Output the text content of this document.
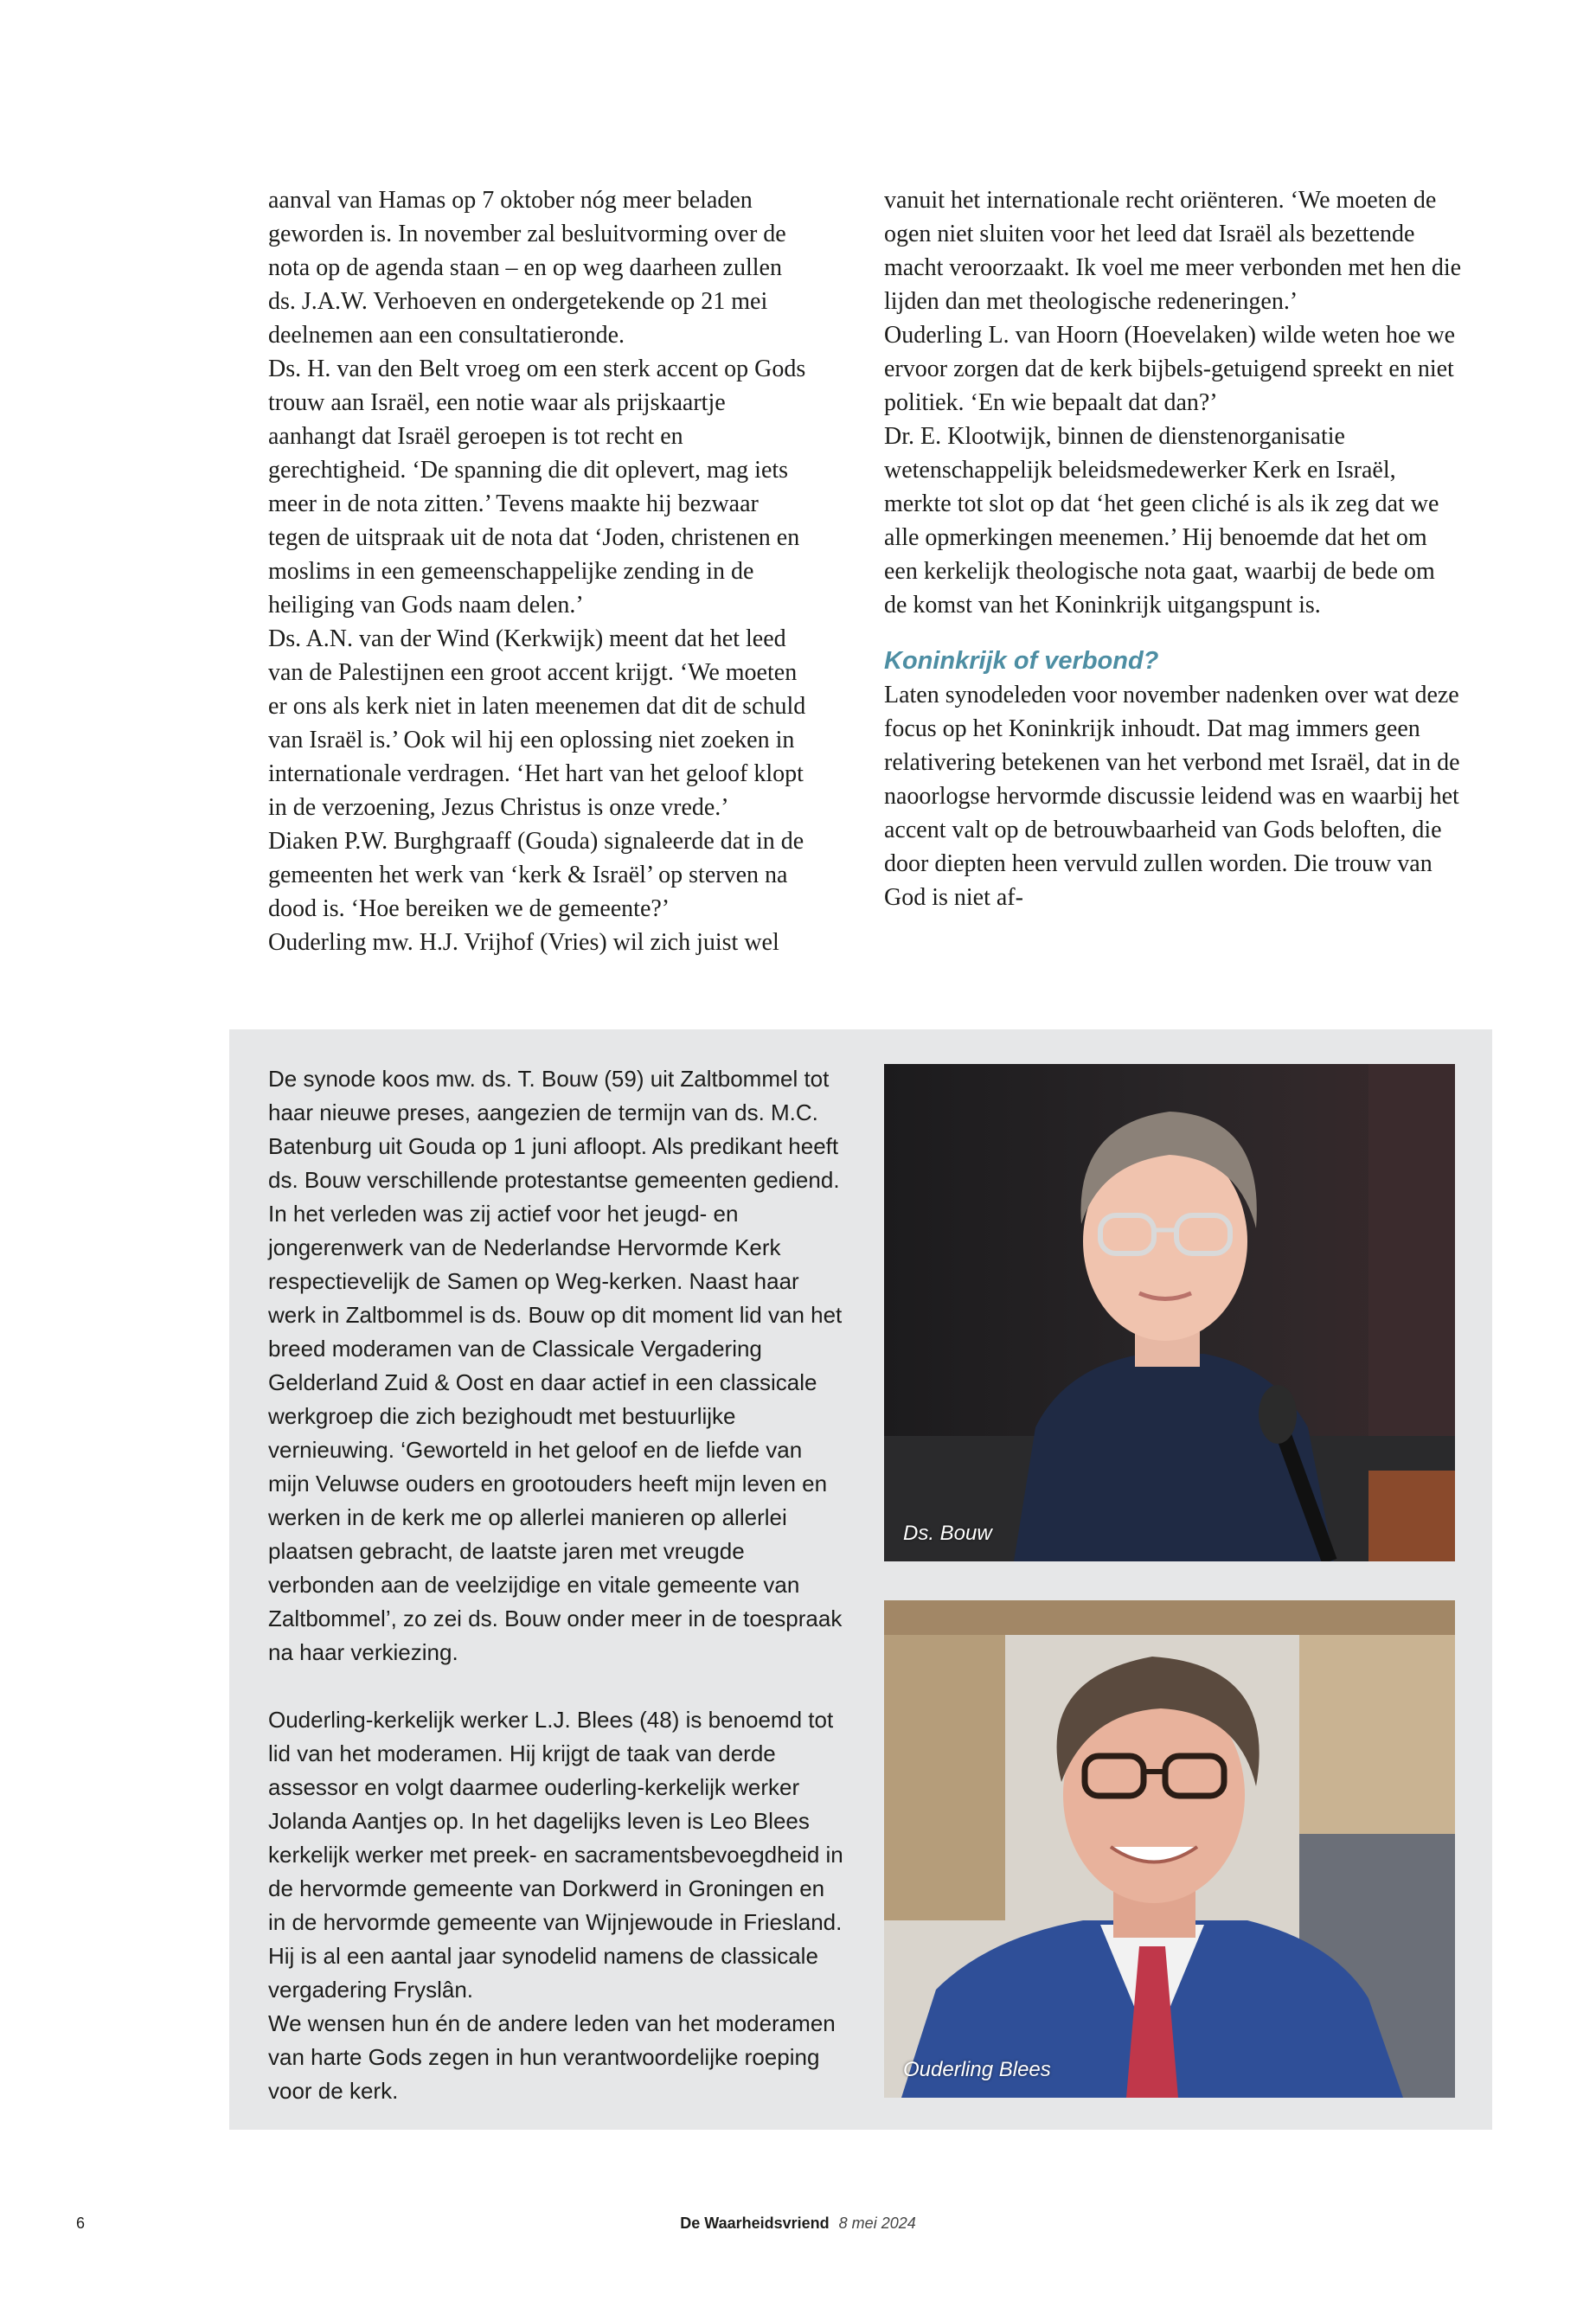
aanval van Hamas op 7 oktober nóg meer beladen geworden is. In november zal besluitvorming over de nota op de agenda staan – en op weg daarheen zullen ds. J.A.W. Verhoeven en ondergetekende op 21 mei deelnemen aan een consultatieronde.

Ds. H. van den Belt vroeg om een sterk accent op Gods trouw aan Israël, een notie waar als prijskaartje aanhangt dat Israël geroepen is tot recht en gerechtigheid. ‘De spanning die dit oplevert, mag iets meer in de nota zitten.’ Tevens maakte hij bezwaar tegen de uitspraak uit de nota dat ‘Joden, christenen en moslims in een gemeenschappelijke zending in de heiliging van Gods naam delen.’

Ds. A.N. van der Wind (Kerkwijk) meent dat het leed van de Palestijnen een groot accent krijgt. ‘We moeten er ons als kerk niet in laten meenemen dat dit de schuld van Israël is.’ Ook wil hij een oplossing niet zoeken in internationale verdragen. ‘Het hart van het geloof klopt in de verzoening, Jezus Christus is onze vrede.’

Diaken P.W. Burghgraaff (Gouda) signaleerde dat in de gemeenten het werk van ‘kerk & Israël’ op sterven na dood is. ‘Hoe bereiken we de gemeente?’

Ouderling mw. H.J. Vrijhof (Vries) wil zich juist wel

vanuit het internationale recht oriënteren. ‘We moeten de ogen niet sluiten voor het leed dat Israël als bezettende macht veroorzaakt. Ik voel me meer verbonden met hen die lijden dan met theologische redeneringen.’

Ouderling L. van Hoorn (Hoevelaken) wilde weten hoe we ervoor zorgen dat de kerk bijbels-getuigend spreekt en niet politiek. ‘En wie bepaalt dat dan?’

Dr. E. Klootwijk, binnen de dienstenorganisatie wetenschappelijk beleidsmedewerker Kerk en Israël, merkte tot slot op dat ‘het geen cliché is als ik zeg dat we alle opmerkingen meenemen.’ Hij benoemde dat het om een kerkelijk theologische nota gaat, waarbij de bede om de komst van het Koninkrijk uitgangspunt is.

Koninkrijk of verbond?

Laten synodeleden voor november nadenken over wat deze focus op het Koninkrijk inhoudt. Dat mag immers geen relativering betekenen van het verbond met Israël, dat in de naoorlogse hervormde discussie leidend was en waarbij het accent valt op de betrouwbaarheid van Gods beloften, die door diepten heen vervuld zullen worden. Die trouw van God is niet af-

De synode koos mw. ds. T. Bouw (59) uit Zaltbommel tot haar nieuwe preses, aangezien de termijn van ds. M.C. Batenburg uit Gouda op 1 juni afloopt. Als predikant heeft ds. Bouw verschillende protestantse gemeenten gediend. In het verleden was zij actief voor het jeugd- en jongerenwerk van de Nederlandse Hervormde Kerk respectievelijk de Samen op Weg-kerken. Naast haar werk in Zaltbommel is ds. Bouw op dit moment lid van het breed moderamen van de Classicale Vergadering Gelderland Zuid & Oost en daar actief in een classicale werkgroep die zich bezighoudt met bestuurlijke vernieuwing. ‘Geworteld in het geloof en de liefde van mijn Veluwse ouders en grootouders heeft mijn leven en werken in de kerk me op allerlei manieren op allerlei plaatsen gebracht, de laatste jaren met vreugde verbonden aan de veelzijdige en vitale gemeente van Zaltbommel’, zo zei ds. Bouw onder meer in de toespraak na haar verkiezing.

Ouderling-kerkelijk werker L.J. Blees (48) is benoemd tot lid van het moderamen. Hij krijgt de taak van derde assessor en volgt daarmee ouderling-kerkelijk werker Jolanda Aantjes op. In het dagelijks leven is Leo Blees kerkelijk werker met preek- en sacramentsbevoegdheid in de hervormde gemeente van Dorkwerd in Groningen en in de hervormde gemeente van Wijnjewoude in Friesland. Hij is al een aantal jaar synodelid namens de classicale vergadering Fryslân.

We wensen hun én de andere leden van het moderamen van harte Gods zegen in hun verantwoordelijke roeping voor de kerk.

Ds. Bouw
Ouderling Blees
6	De Waarheidsvriend 8 mei 2024
